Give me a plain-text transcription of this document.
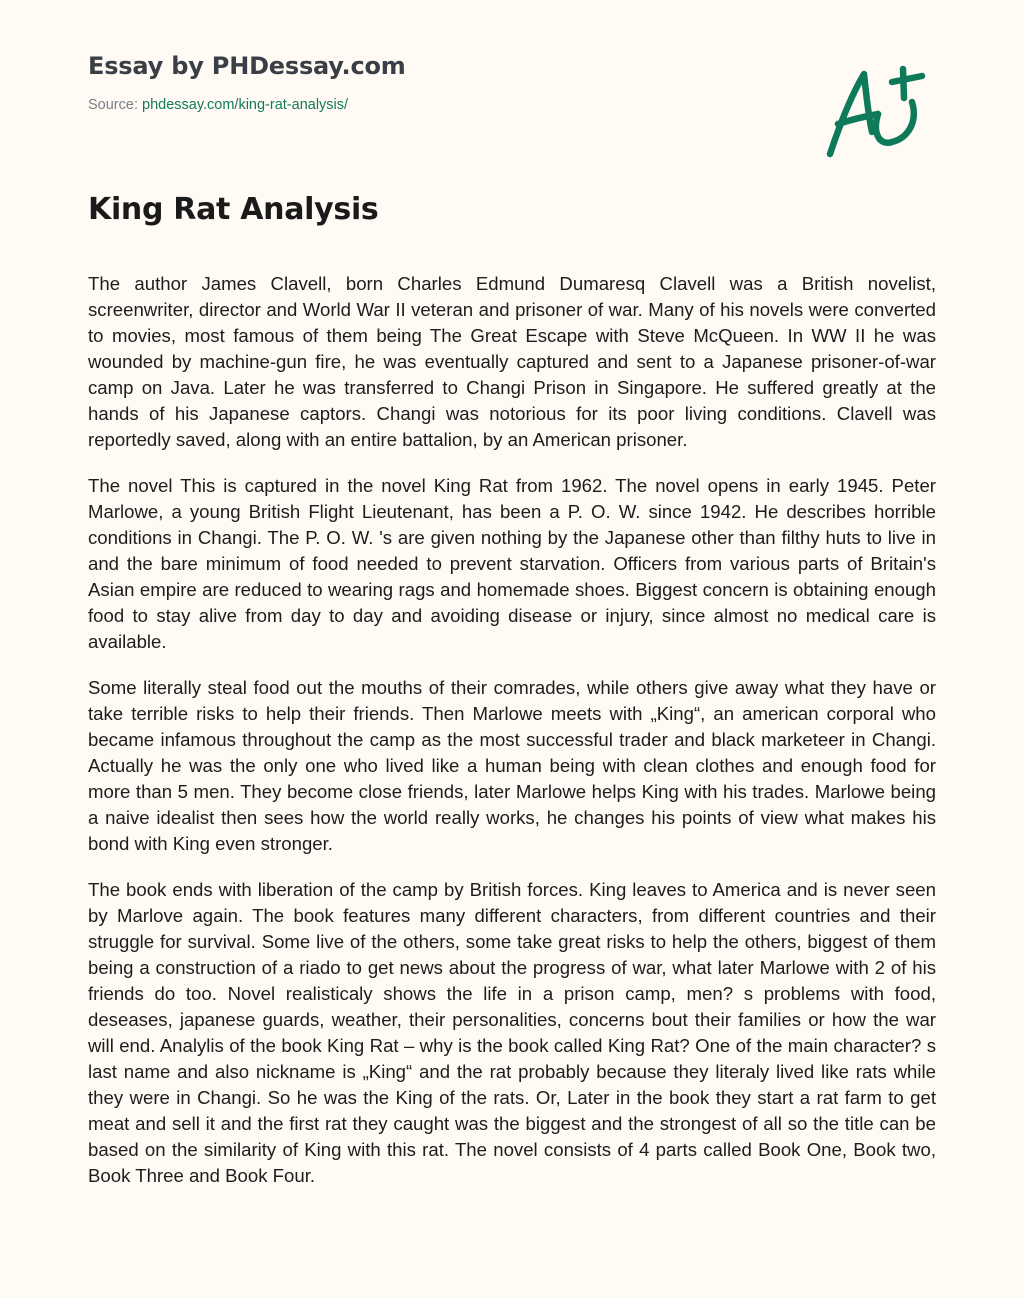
Essay by PHDessay.com
Source: phdessay.com/king-rat-analysis/
King Rat Analysis

The author James Clavell, born Charles Edmund Dumaresq Clavell was a British novelist, screenwriter, director and World War II veteran and prisoner of war. Many of his novels were converted to movies, most famous of them being The Great Escape with Steve McQueen. In WW II he was wounded by machine-gun fire, he was eventually captured and sent to a Japanese prisoner-of-war camp on Java. Later he was transferred to Changi Prison in Singapore. He suffered greatly at the hands of his Japanese captors. Changi was notorious for its poor living conditions. Clavell was reportedly saved, along with an entire battalion, by an American prisoner.

The novel This is captured in the novel King Rat from 1962. The novel opens in early 1945. Peter Marlowe, a young British Flight Lieutenant, has been a P. O. W. since 1942. He describes horrible conditions in Changi. The P. O. W. 's are given nothing by the Japanese other than filthy huts to live in and the bare minimum of food needed to prevent starvation. Officers from various parts of Britain's Asian empire are reduced to wearing rags and homemade shoes. Biggest concern is obtaining enough food to stay alive from day to day and avoiding disease or injury, since almost no medical care is available.

Some literally steal food out the mouths of their comrades, while others give away what they have or take terrible risks to help their friends. Then Marlowe meets with „King“, an american corporal who became infamous throughout the camp as the most successful trader and black marketeer in Changi. Actually he was the only one who lived like a human being with clean clothes and enough food for more than 5 men. They become close friends, later Marlowe helps King with his trades. Marlowe being a naive idealist then sees how the world really works, he changes his points of view what makes his bond with King even stronger.

The book ends with liberation of the camp by British forces. King leaves to America and is never seen by Marlove again. The book features many different characters, from different countries and their struggle for survival. Some live of the others, some take great risks to help the others, biggest of them being a construction of a riado to get news about the progress of war, what later Marlowe with 2 of his friends do too. Novel realisticaly shows the life in a prison camp, men? s problems with food, deseases, japanese guards, weather, their personalities, concerns bout their families or how the war will end. Analylis of the book King Rat – why is the book called King Rat? One of the main character? s last name and also nickname is „King“ and the rat probably because they literaly lived like rats while they were in Changi. So he was the King of the rats. Or, Later in the book they start a rat farm to get meat and sell it and the first rat they caught was the biggest and the strongest of all so the title can be based on the similarity of King with this rat. The novel consists of 4 parts called Book One, Book two, Book Three and Book Four.
